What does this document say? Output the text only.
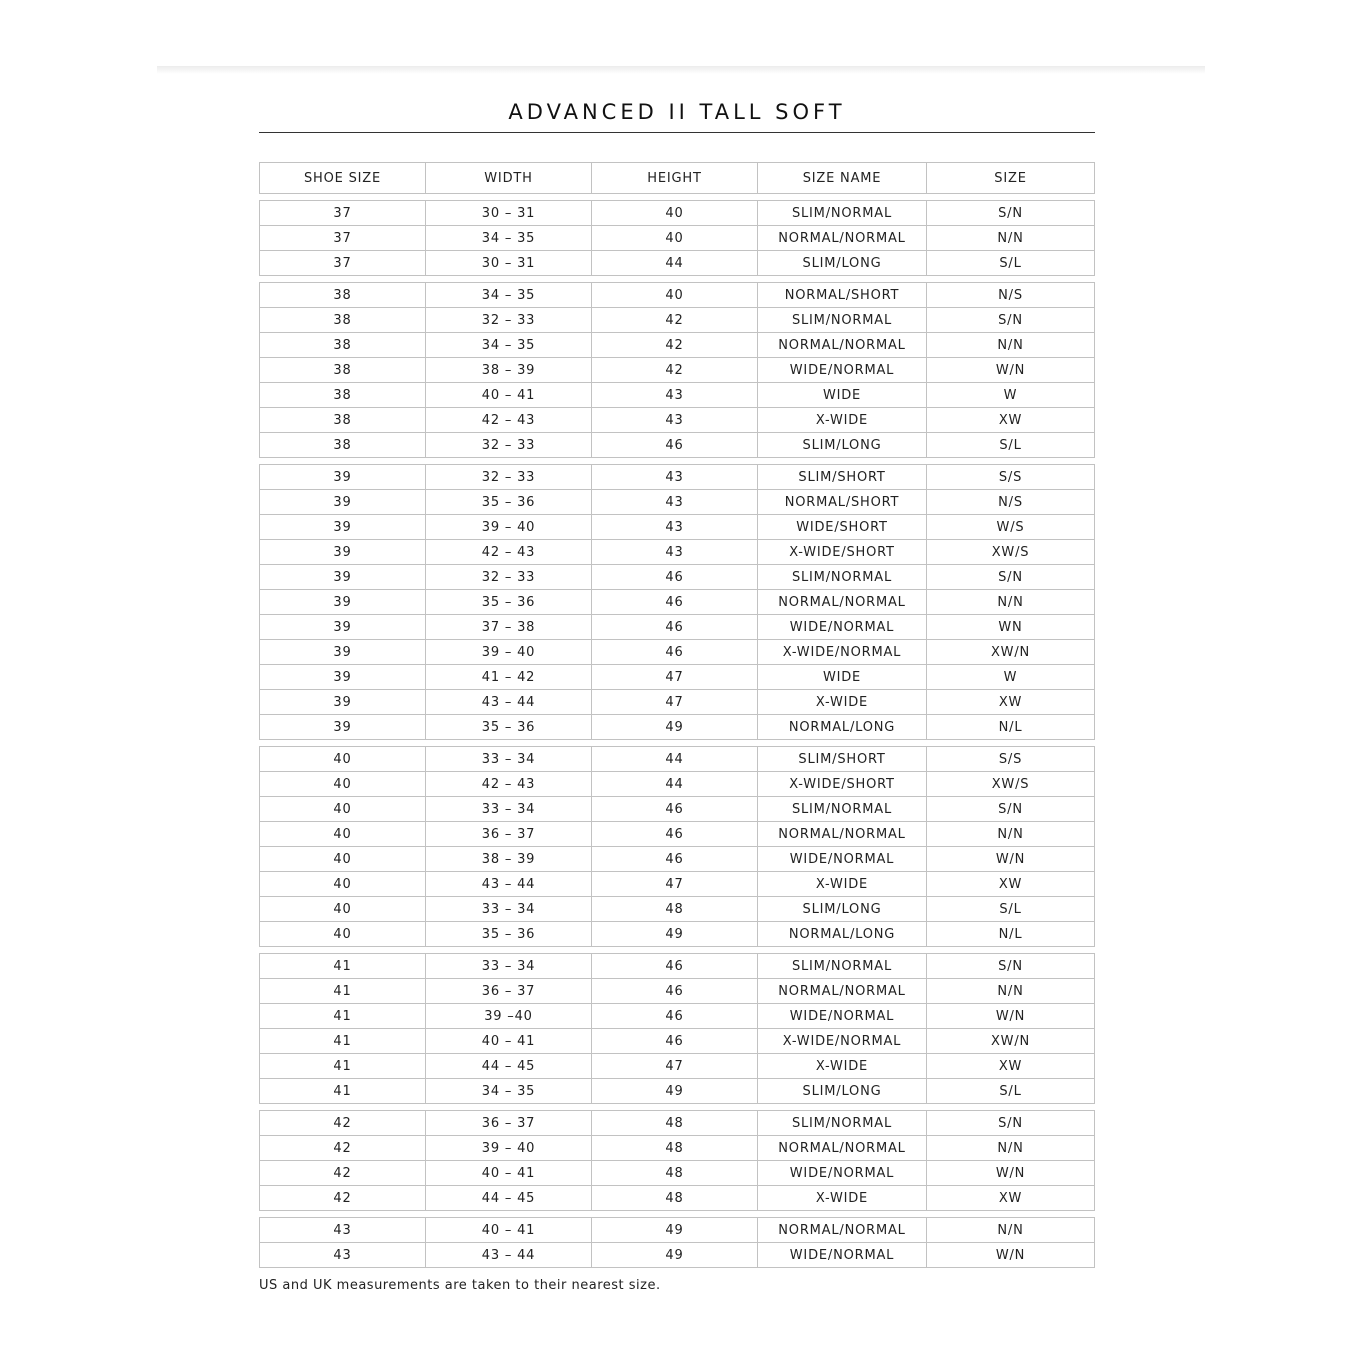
ADVANCED II TALL SOFT
SHOE SIZE	WIDTH	HEIGHT	SIZE NAME	SIZE
37	30 – 31	40	SLIM/NORMAL	S/N
37	34 – 35	40	NORMAL/NORMAL	N/N
37	30 – 31	44	SLIM/LONG	S/L
38	34 – 35	40	NORMAL/SHORT	N/S
38	32 – 33	42	SLIM/NORMAL	S/N
38	34 – 35	42	NORMAL/NORMAL	N/N
38	38 – 39	42	WIDE/NORMAL	W/N
38	40 – 41	43	WIDE	W
38	42 – 43	43	X-WIDE	XW
38	32 – 33	46	SLIM/LONG	S/L
39	32 – 33	43	SLIM/SHORT	S/S
39	35 – 36	43	NORMAL/SHORT	N/S
39	39 – 40	43	WIDE/SHORT	W/S
39	42 – 43	43	X-WIDE/SHORT	XW/S
39	32 – 33	46	SLIM/NORMAL	S/N
39	35 – 36	46	NORMAL/NORMAL	N/N
39	37 – 38	46	WIDE/NORMAL	WN
39	39 – 40	46	X-WIDE/NORMAL	XW/N
39	41 – 42	47	WIDE	W
39	43 – 44	47	X-WIDE	XW
39	35 – 36	49	NORMAL/LONG	N/L
40	33 – 34	44	SLIM/SHORT	S/S
40	42 – 43	44	X-WIDE/SHORT	XW/S
40	33 – 34	46	SLIM/NORMAL	S/N
40	36 – 37	46	NORMAL/NORMAL	N/N
40	38 – 39	46	WIDE/NORMAL	W/N
40	43 – 44	47	X-WIDE	XW
40	33 – 34	48	SLIM/LONG	S/L
40	35 – 36	49	NORMAL/LONG	N/L
41	33 – 34	46	SLIM/NORMAL	S/N
41	36 – 37	46	NORMAL/NORMAL	N/N
41	39 –40	46	WIDE/NORMAL	W/N
41	40 – 41	46	X-WIDE/NORMAL	XW/N
41	44 – 45	47	X-WIDE	XW
41	34 – 35	49	SLIM/LONG	S/L
42	36 – 37	48	SLIM/NORMAL	S/N
42	39 – 40	48	NORMAL/NORMAL	N/N
42	40 – 41	48	WIDE/NORMAL	W/N
42	44 – 45	48	X-WIDE	XW
43	40 – 41	49	NORMAL/NORMAL	N/N
43	43 – 44	49	WIDE/NORMAL	W/N
US and UK measurements are taken to their nearest size.
